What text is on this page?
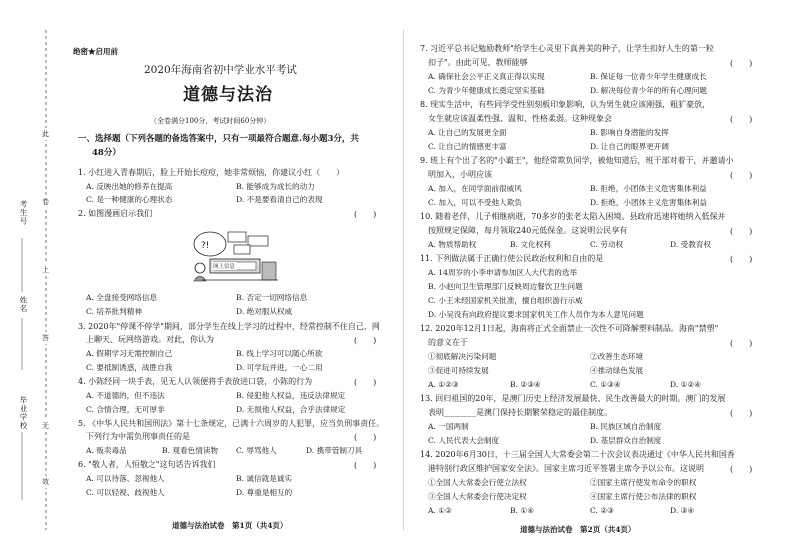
考生号
姓名
毕业学校
此
卷
上
答
无
效
绝密★启用前
2020年海南省初中学业水平考试
道德与法治
（全卷满分100分，考试时间60分钟）
一、选择题（下列各题的备选答案中，只有一项最符合题意.每小题3分，共
48分）
1. 小红进入青春期后，脸上开始长痘痘，她非常烦恼，你建议小红（　　）
A. 反映出她的修养在提高	B. 能够成为成长的动力
C. 是一种健康的心理状态	D. 不是要看清自己的表现
2. 如图漫画启示我们	(　　)
?!
网上信息
A. 全盘接受网络信息	B. 否定一切网络信息
C. 培养批判精神	D. 绝对服从权威
3. 2020年"停课不停学"期间，部分学生在线上学习的过程中，经常控制不住自己，网
上聊天、玩网络游戏。对此，你认为	(　　)
A. 假期学习无需控制自己	B. 线上学习可以随心所欲
C. 要抵制诱惑，战胜自我	D. 可学玩并进，一心二用
4. 小陈经同一块手表，见无人认领便将手表放进口袋，小陈的行为	(　　)
A. 不道德的，但不违法	B. 侵犯他人权益，违反法律规定
C. 合情合理，无可厚非	D. 无损他人权益，合乎法律规定
5. 《中华人民共和国刑法》第十七条规定，已满十六周岁的人犯罪，应当负刑事责任。
下列行为中需负刑事责任的是	(　　)
A. 贩卖毒品	B. 观看色情读物 C. 辱骂他人	D. 携带管制刀具
6. "敬人者，人恒敬之"这句话告诉我们	(　　)
A. 可以待落、忽视他人	B. 诚信就是诚实
C. 可以轻视、歧视他人	D. 尊重是相互的
道德与法治试卷　第1页（共4页）
7. 习近平总书记勉励教师"给学生心灵里下真善美的种子，让学生扣好人生的第一粒
扣子"。由此可见，教师能够	(　　)
A. 确保社会公平正义真正得以实现	B. 保证每一位青少年学生健康成长
C. 为青少年健康成长奠定坚实基础	D. 解决每位青少年的所有心理问题
8. 现实生活中，有些同学受性别刻板印象影响，认为男生就应该刚强，粗犷豪放，
女生就应该温柔性强、温和、性格柔弱。这种现象会	(　　)
A. 让自己的发展更全面	B. 影响自身潜能的发挥
C. 让自己的情感更丰富	D. 让自己的眼界更开阔
9. 班上有个出了名的"小霸王"，他经常欺负同学，被他知道后，班干部对着干，并邀请小
明加入，小明应该	(　　)
A. 加入，在同学面前很威风	B. 拒绝，小团体主义危害集体利益
C. 加入，可以不受他人欺负	D. 拒绝，小团体主义危害集体利益
10. 随着老伴，儿子相继病逝，70多岁的张老太陷入困境。县政府迅速将她纳入低保并
按照规定保障，每月领取240元低保金。这说明公民享有	(　　)
A. 物质帮助权	B. 文化权利	C. 劳动权	D. 受教育权
11. 下列做法属于正确行使公民政治权利和自由的是	(　　)
A. 14周岁的小李申请参加区人大代表的选举
B. 小赵向卫生管理部门反映周边餐饮卫生问题
C. 小王未经国家机关批准，擅自组织游行示威
D. 小吴没有向政府提议要求国家机关工作人员作为本人意见问题
12. 2020年12月1日起，海南将正式全面禁止一次性不可降解塑料制品。海南"禁塑"
的意义在于	(　　)
①彻底解决污染问题	②改善生态环境
③促进可持续发展	④推动绿色发展
A. ①②③	B. ②③④	C. ①③④	D. ①②④
13. 回归祖国的20年，是澳门历史上经济发展最快、民生改善最大的时期。澳门的发展
表明________是澳门保持长期繁荣稳定的最佳制度。	(　　)
A. 一国两制	B. 民族区域自治制度
C. 人民代表大会制度	D. 基层群众自治制度
14. 2020年6月30日，十三届全国人大常委会第二十次会议表决通过《中华人民共和国香
港特别行政区维护国家安全法》。国家主席习近平签署主席令予以公布。这说明	(　　)
①全国人大常委会行使立法权	②国家主席行使发布命令的职权
③全国人大常委会行使决定权	④国家主席行使公布法律的职权
A. ①②	B. ①④	C. ②③	D. ③④
道德与法治试卷　第2页（共4页）
